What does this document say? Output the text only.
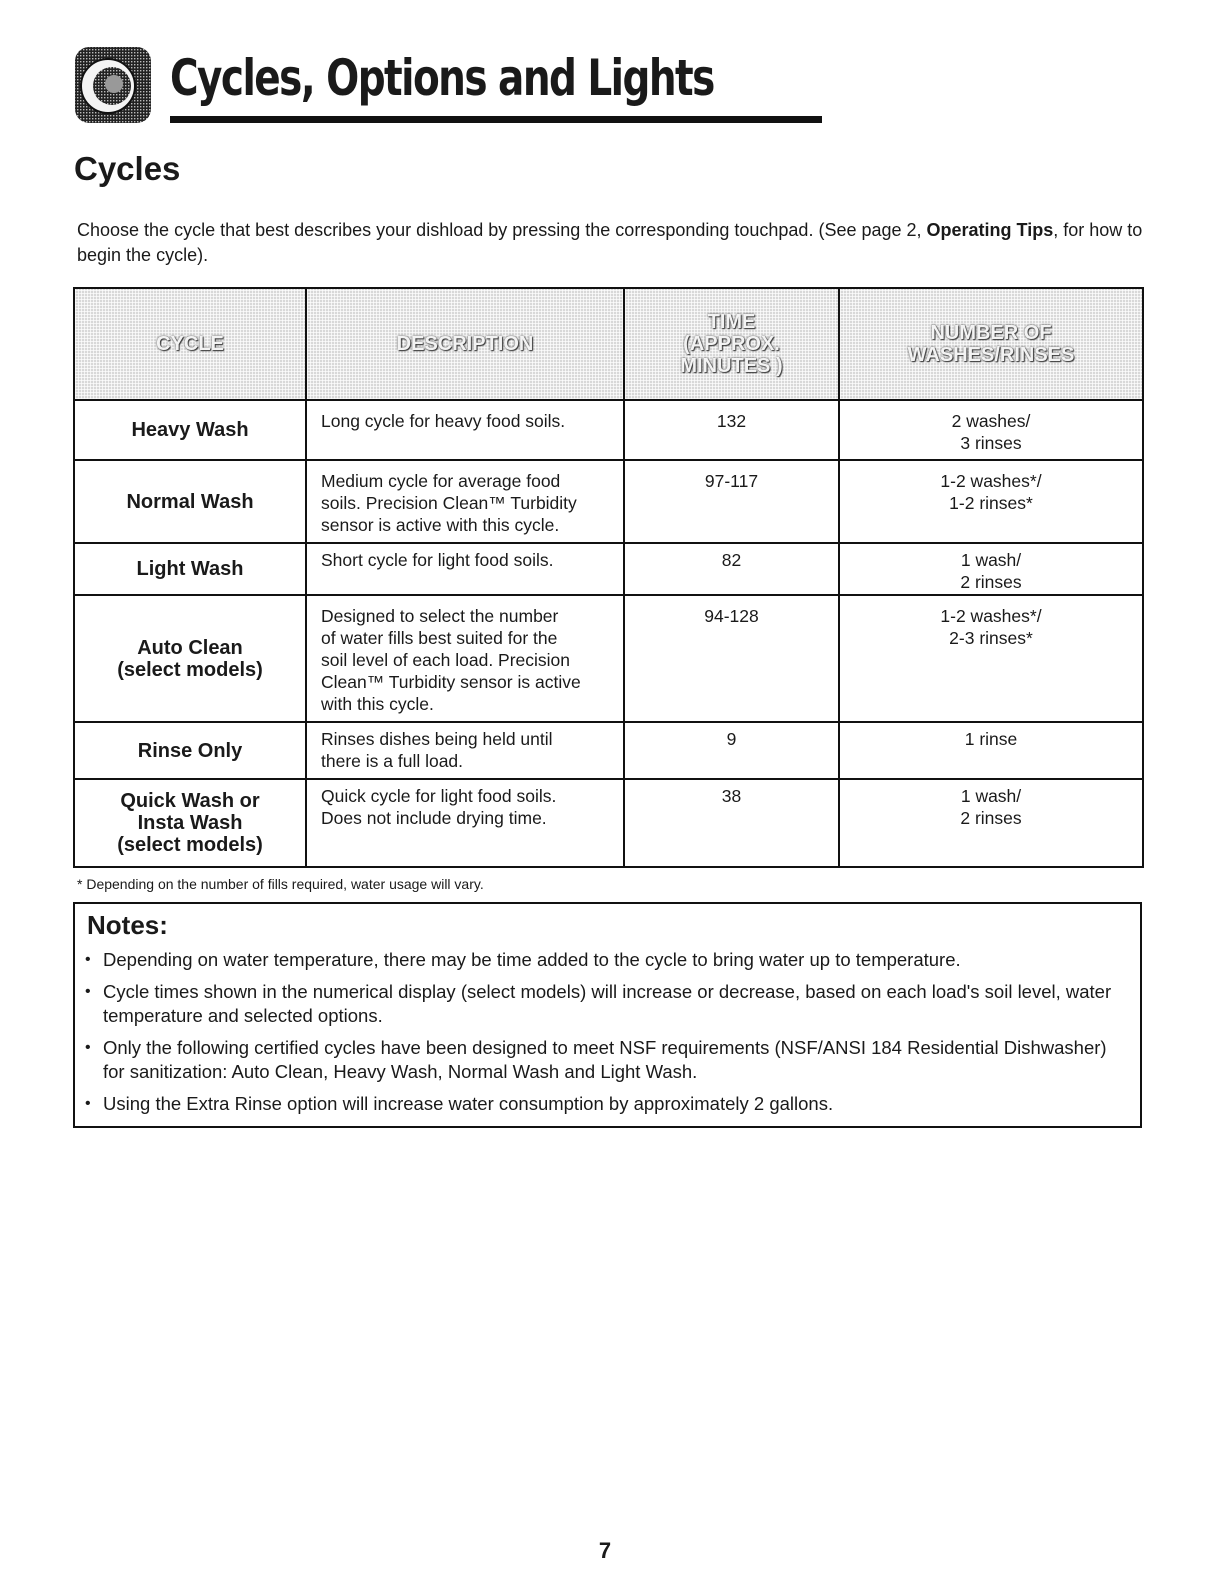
Cycles, Options and Lights
Cycles

Choose the cycle that best describes your dishload by pressing the corresponding touchpad. (See page 2, Operating Tips, for how to begin the cycle).

CYCLE	DESCRIPTION	TIME
(APPROX.
MINUTES )	NUMBER OF
WASHES/RINSES
Heavy Wash	Long cycle for heavy food soils.	132	2 washes/
3 rinses
Normal Wash	Medium cycle for average food
soils. Precision Clean™ Turbidity
sensor is active with this cycle.	97-117	1-2 washes*/
1-2 rinses*
Light Wash	Short cycle for light food soils.	82	1 wash/
2 rinses
Auto Clean
(select models)	Designed to select the number
of water fills best suited for the
soil level of each load. Precision
Clean™ Turbidity sensor is active
with this cycle.	94-128	1-2 washes*/
2-3 rinses*
Rinse Only	Rinses dishes being held until
there is a full load.	9	1 rinse
Quick Wash or
Insta Wash
(select models)	Quick cycle for light food soils.
Does not include drying time.	38	1 wash/
2 rinses

* Depending on the number of fills required, water usage will vary.

Notes:
• Depending on water temperature, there may be time added to the cycle to bring water up to temperature.
• Cycle times shown in the numerical display (select models) will increase or decrease, based on each load's soil level, water temperature and selected options.
• Only the following certified cycles have been designed to meet NSF requirements (NSF/ANSI 184 Residential Dishwasher) for sanitization: Auto Clean, Heavy Wash, Normal Wash and Light Wash.
• Using the Extra Rinse option will increase water consumption by approximately 2 gallons.

7
